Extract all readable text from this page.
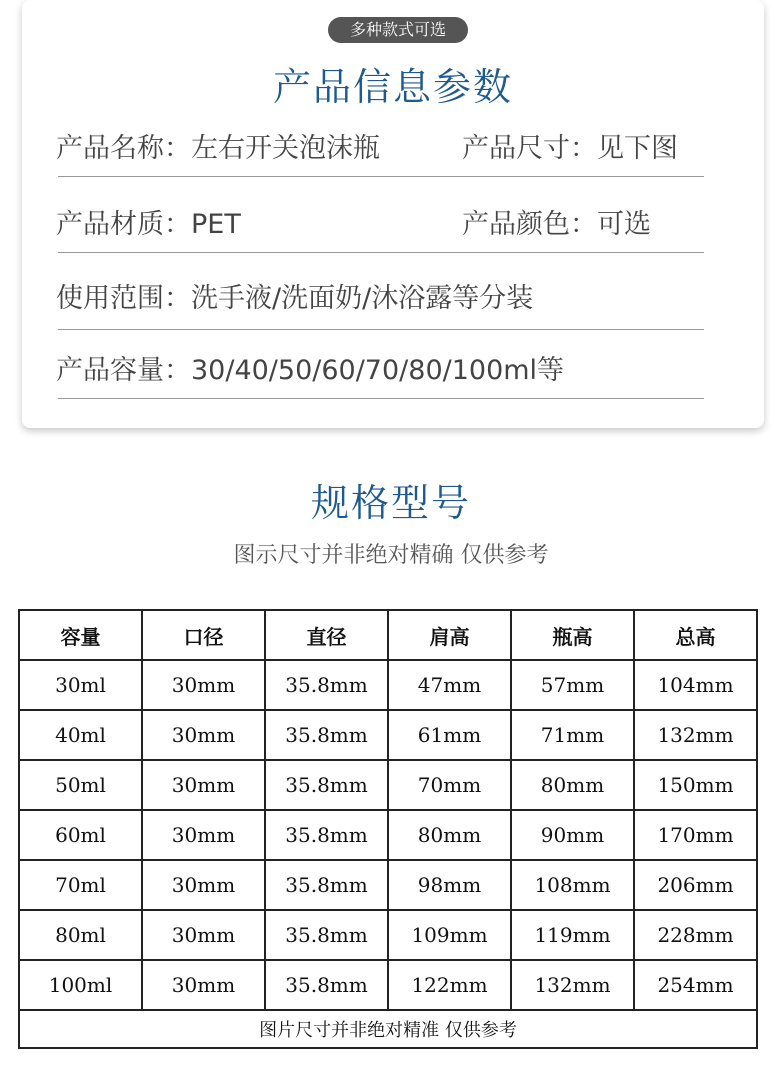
多种款式可选
产品信息参数
产品名称：左右开关泡沫瓶	产品尺寸：见下图
产品材质：PET	产品颜色：可选
使用范围：洗手液/洗面奶/沐浴露等分装
产品容量：30/40/50/60/70/80/100ml等
规格型号
图示尺寸并非绝对精确 仅供参考
容量	口径	直径	肩高	瓶高	总高
30ml	30mm	35.8mm	47mm	57mm	104mm
40ml	30mm	35.8mm	61mm	71mm	132mm
50ml	30mm	35.8mm	70mm	80mm	150mm
60ml	30mm	35.8mm	80mm	90mm	170mm
70ml	30mm	35.8mm	98mm	108mm	206mm
80ml	30mm	35.8mm	109mm	119mm	228mm
100ml	30mm	35.8mm	122mm	132mm	254mm
图片尺寸并非绝对精准 仅供参考					
